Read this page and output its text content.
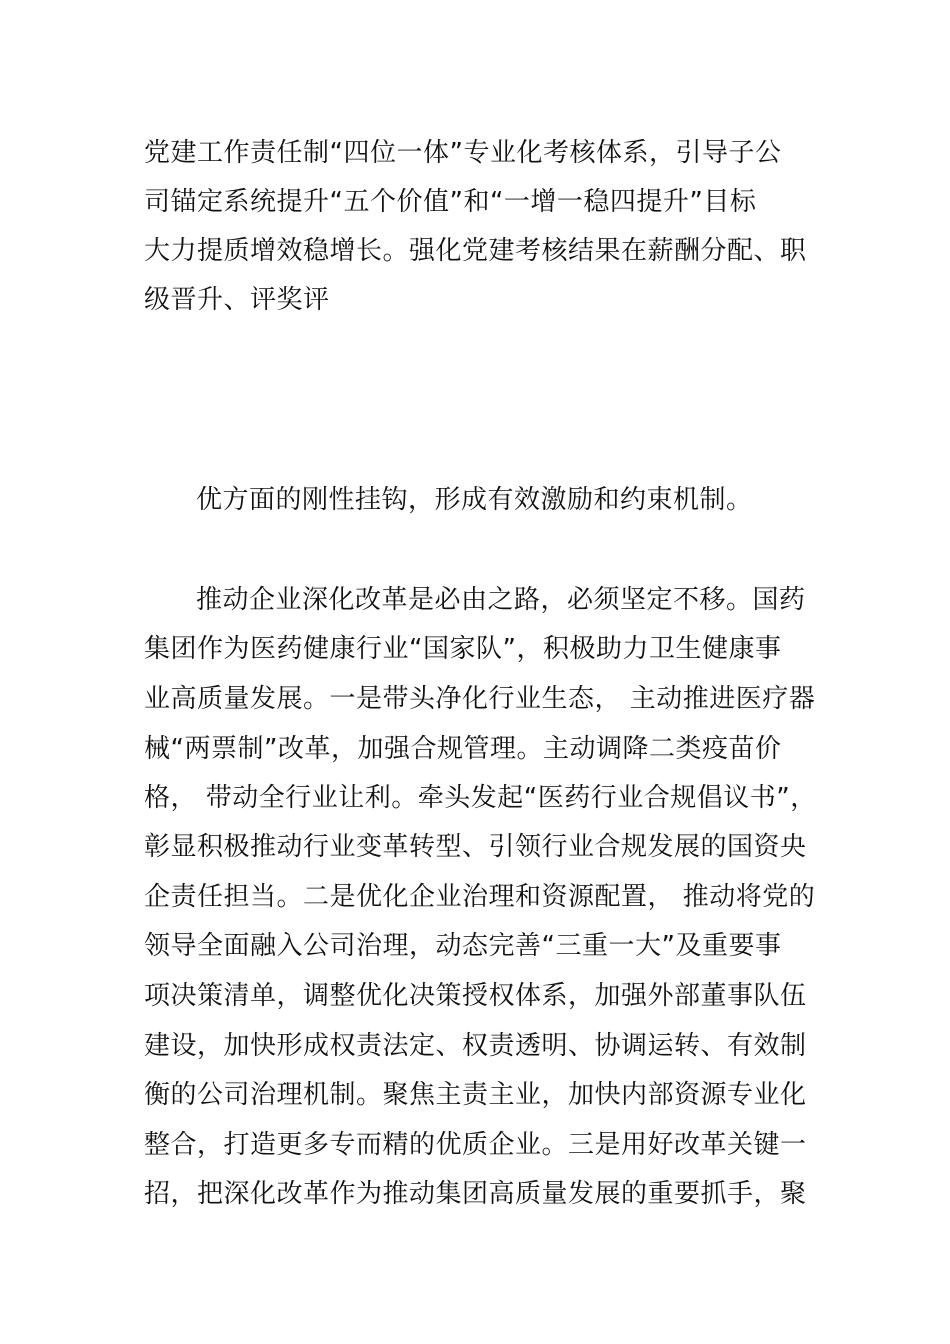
党建工作责任制“四位一体”专业化考核体系，引导子公
司锚定系统提升“五个价值”和“一增一稳四提升”目标
大力提质增效稳增长。强化党建考核结果在薪酬分配、职
级晋升、评奖评
优方面的刚性挂钩，形成有效激励和约束机制。
推动企业深化改革是必由之路，必须坚定不移。国药
集团作为医药健康行业“国家队”，积极助力卫生健康事
业高质量发展。一是带头净化行业生态， 主动推进医疗器
械“两票制”改革，加强合规管理。主动调降二类疫苗价
格， 带动全行业让利。牵头发起“医药行业合规倡议书”，
彰显积极推动行业变革转型、引领行业合规发展的国资央
企责任担当。二是优化企业治理和资源配置， 推动将党的
领导全面融入公司治理，动态完善“三重一大”及重要事
项决策清单，调整优化决策授权体系，加强外部董事队伍
建设，加快形成权责法定、权责透明、协调运转、有效制
衡的公司治理机制。聚焦主责主业，加快内部资源专业化
整合，打造更多专而精的优质企业。三是用好改革关键一
招，把深化改革作为推动集团高质量发展的重要抓手，聚
